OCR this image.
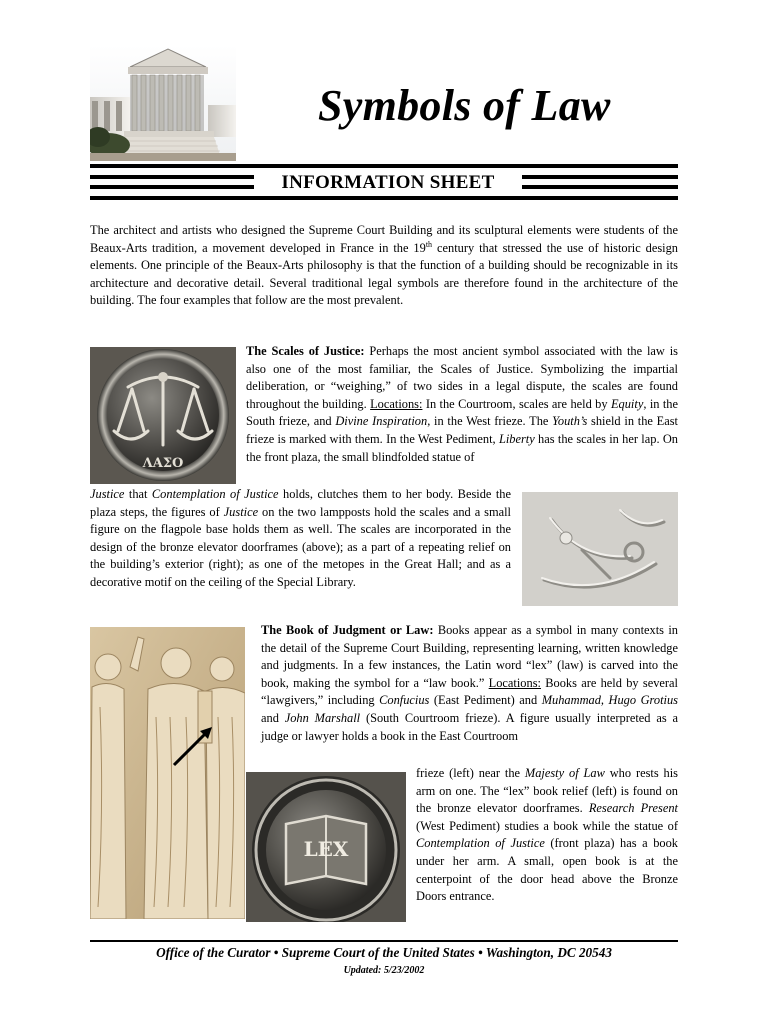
Symbols of Law
INFORMATION SHEET

The architect and artists who designed the Supreme Court Building and its sculptural elements were students of the Beaux-Arts tradition, a movement developed in France in the 19th century that stressed the use of historic design elements. One principle of the Beaux-Arts philosophy is that the function of a building should be recognizable in its architecture and decorative detail. Several traditional legal symbols are therefore found in the architecture of the building. The four examples that follow are the most prevalent.

ΛΑΣΟ

The Scales of Justice: Perhaps the most ancient symbol associated with the law is also one of the most familiar, the Scales of Justice. Symbolizing the impartial deliberation, or “weighing,” of two sides in a legal dispute, the scales are found throughout the building. Locations: In the Courtroom, scales are held by Equity, in the South frieze, and Divine Inspiration, in the West frieze. The Youth’s shield in the East frieze is marked with them. In the West Pediment, Liberty has the scales in her lap. On the front plaza, the small blindfolded statue of

Justice that Contemplation of Justice holds, clutches them to her body. Beside the plaza steps, the figures of Justice on the two lampposts hold the scales and a small figure on the flagpole base holds them as well. The scales are incorporated in the design of the bronze elevator doorframes (above); as a part of a repeating relief on the building’s exterior (right); as one of the metopes in the Great Hall; and as a decorative motif on the ceiling of the Special Library.

LEX

The Book of Judgment or Law: Books appear as a symbol in many contexts in the detail of the Supreme Court Building, representing learning, written knowledge and judgments. In a few instances, the Latin word “lex” (law) is carved into the book, making the symbol for a “law book.” Locations: Books are held by several “lawgivers,” including Confucius (East Pediment) and Muhammad, Hugo Grotius and John Marshall (South Courtroom frieze). A figure usually interpreted as a judge or lawyer holds a book in the East Courtroom

frieze (left) near the Majesty of Law who rests his arm on one. The “lex” book relief (left) is found on the bronze elevator doorframes. Research Present (West Pediment) studies a book while the statue of Contemplation of Justice (front plaza) has a book under her arm. A small, open book is at the centerpoint of the door head above the Bronze Doors entrance.

Office of the Curator • Supreme Court of the United States • Washington, DC 20543
Updated: 5/23/2002
